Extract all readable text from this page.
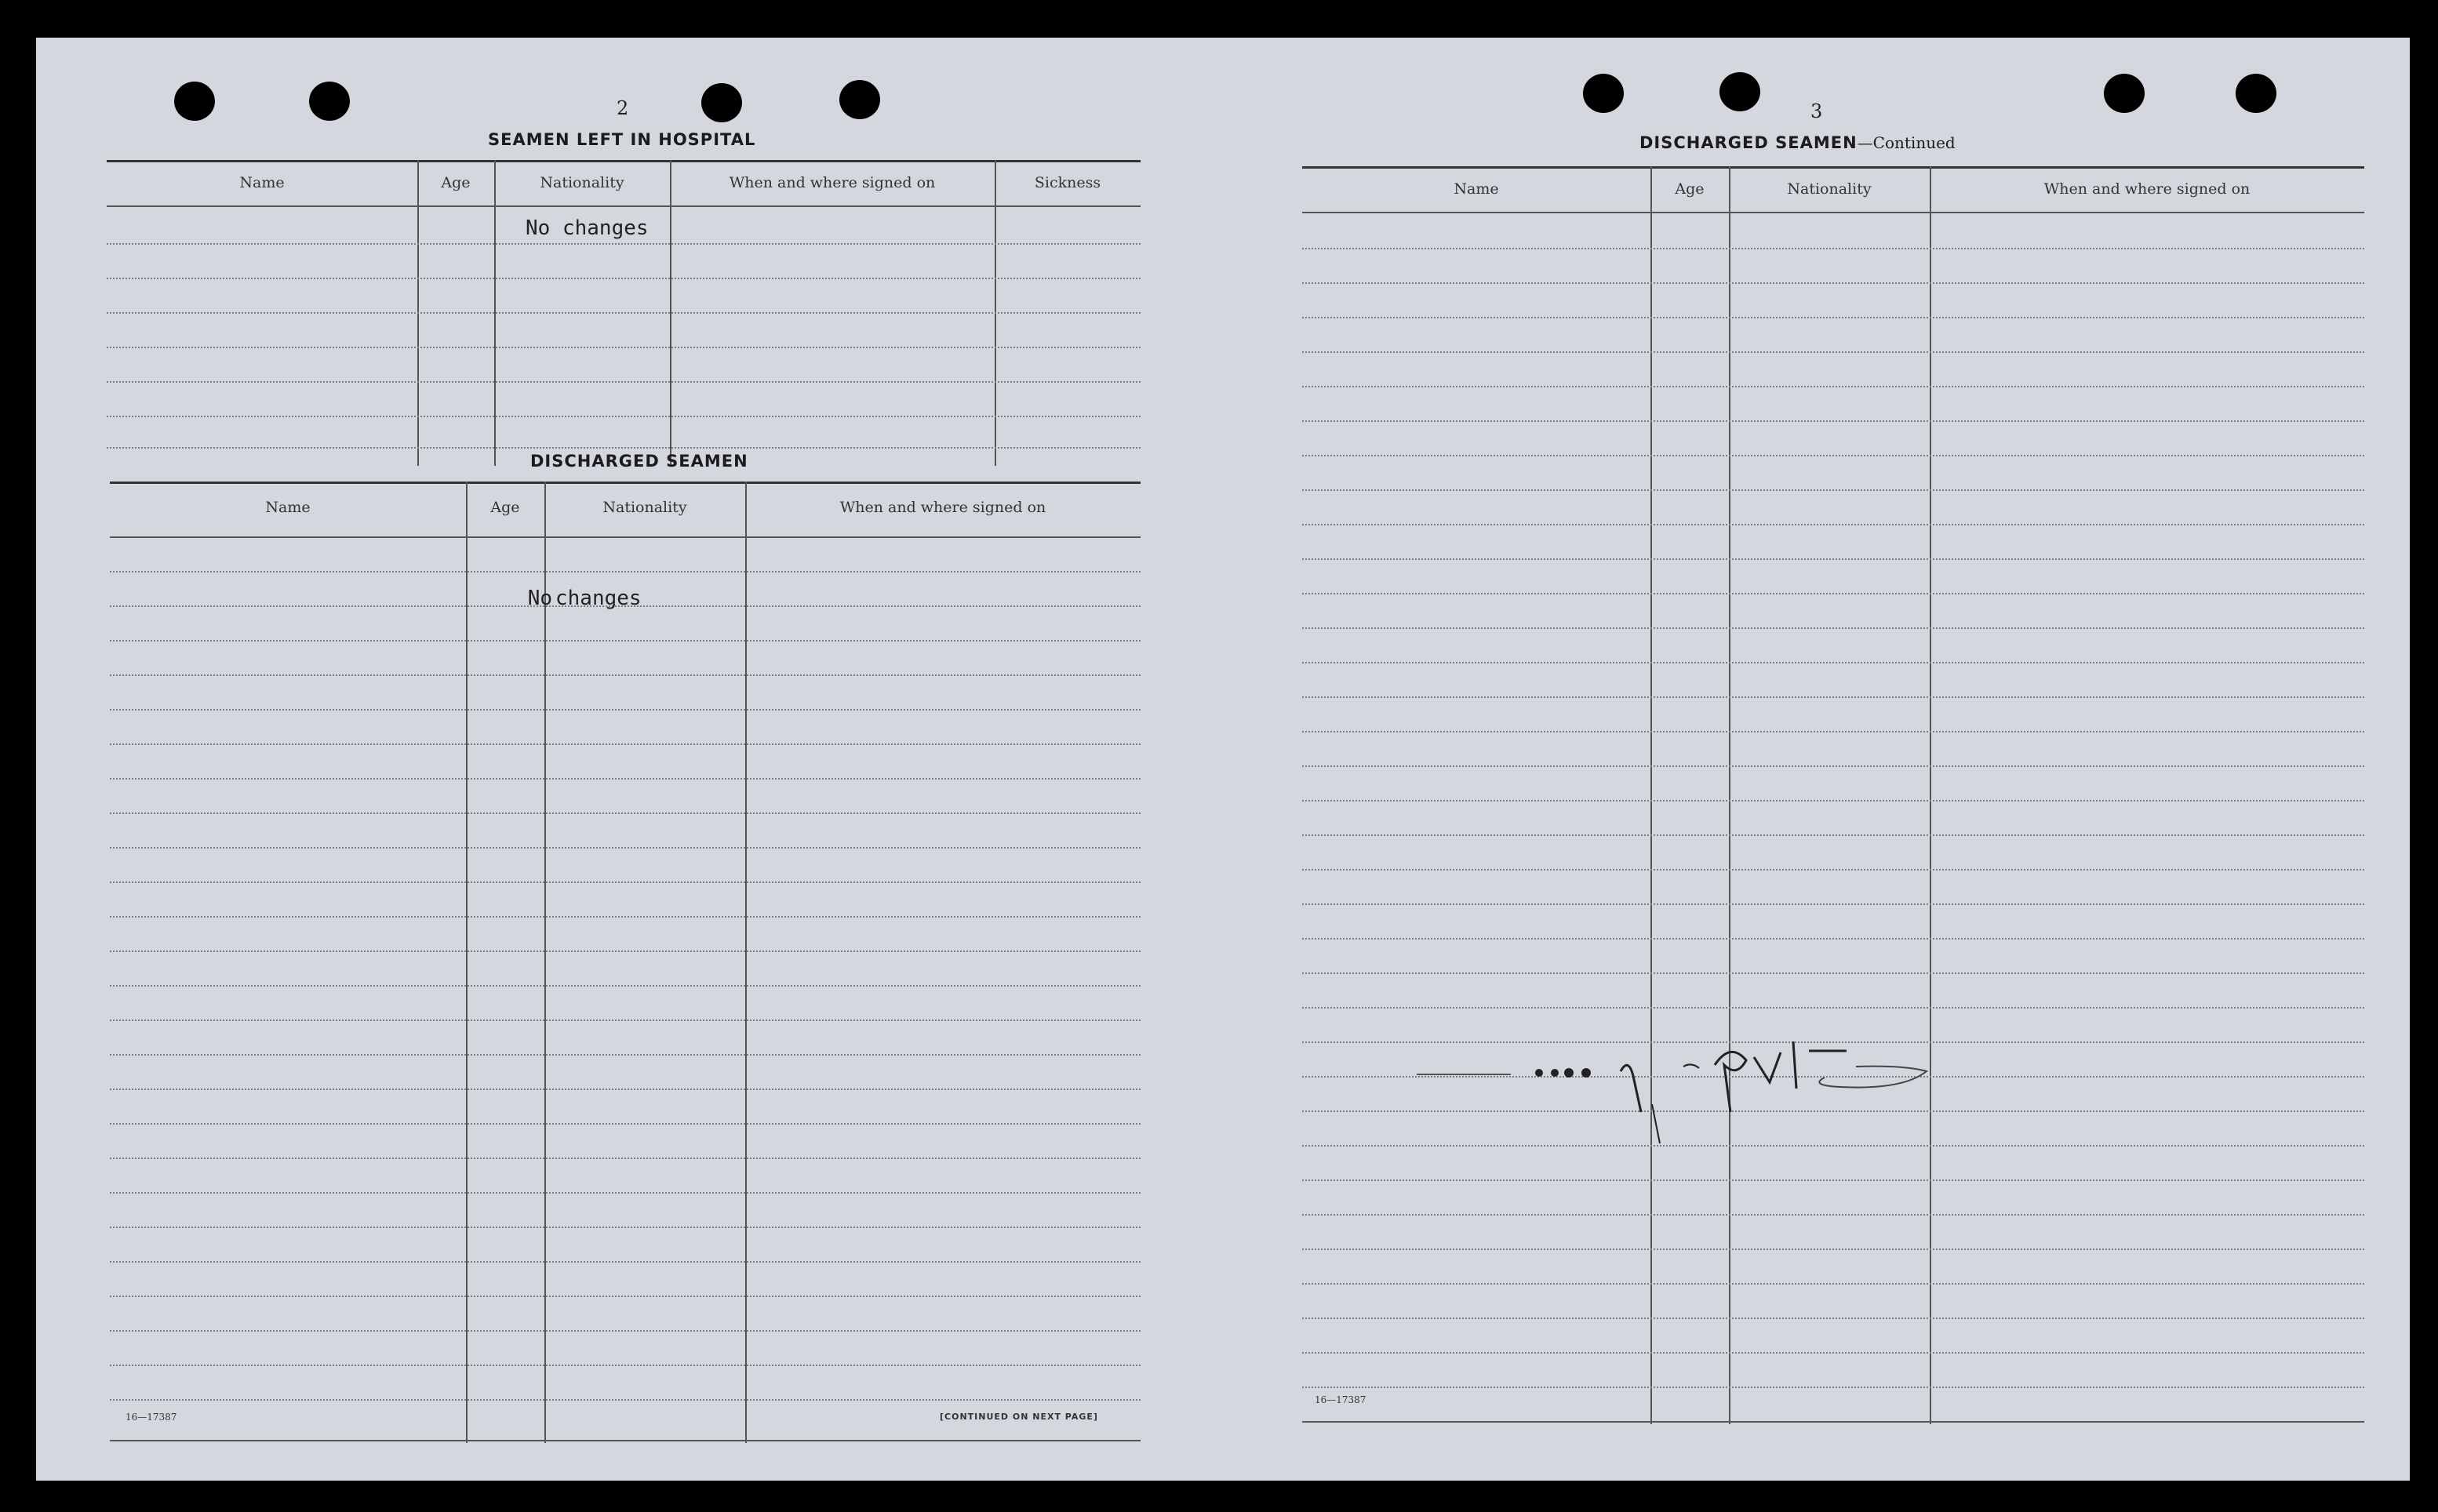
2
SEAMEN LEFT IN HOSPITAL
Name	Age	Nationality	When and where signed on	Sickness
No changes
DISCHARGED SEAMEN
Name	Age	Nationality	When and where signed on
No changes
16—17387	[CONTINUED ON NEXT PAGE]
3
DISCHARGED SEAMEN—Continued
Name	Age	Nationality	When and where signed on
16—17387
